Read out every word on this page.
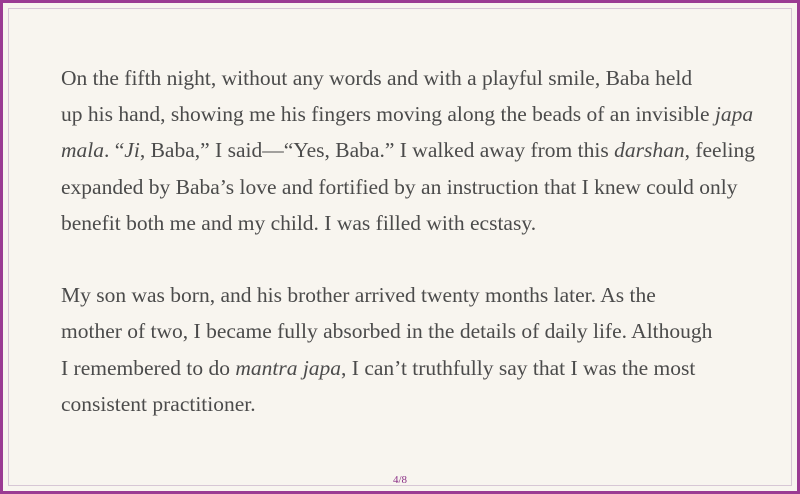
On the fifth night, without any words and with a playful smile, Baba held
up his hand, showing me his fingers moving along the beads of an invisible japa
mala. “Ji, Baba,” I said—“Yes, Baba.” I walked away from this darshan, feeling
expanded by Baba’s love and fortified by an instruction that I knew could only
benefit both me and my child. I was filled with ecstasy.

My son was born, and his brother arrived twenty months later. As the
mother of two, I became fully absorbed in the details of daily life. Although
I remembered to do mantra japa, I can’t truthfully say that I was the most
consistent practitioner.

4/8
